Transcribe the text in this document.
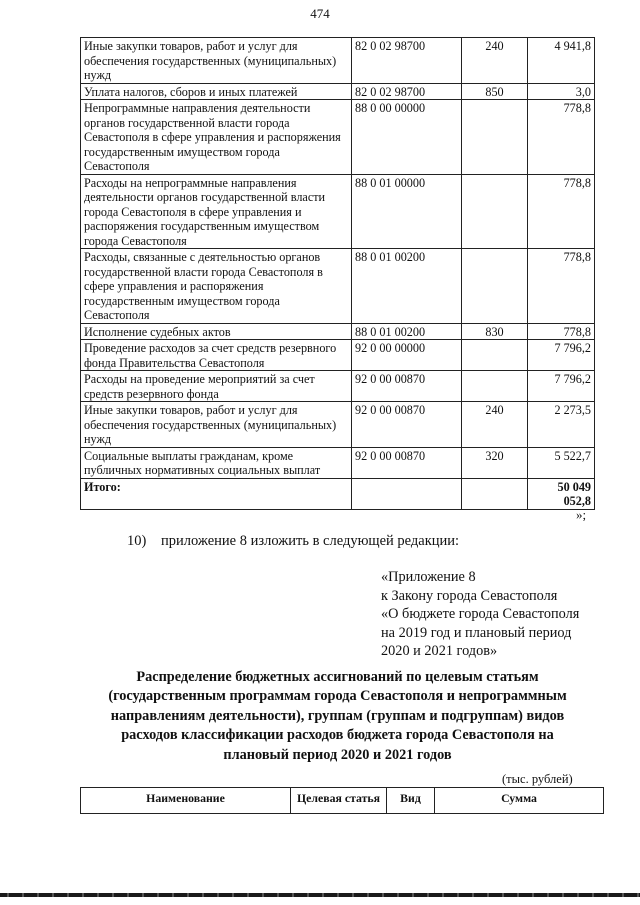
474
Иные закупки товаров, работ и услуг для обеспечения государственных (муниципальных) нужд	82 0 02 98700	240	4 941,8
Уплата налогов, сборов и иных платежей	82 0 02 98700	850	3,0
Непрограммные направления деятельности органов государственной власти города Севастополя в сфере управления и распоряжения государственным имуществом города Севастополя	88 0 00 00000		778,8
Расходы на непрограммные направления деятельности органов государственной власти города Севастополя в сфере управления и распоряжения государственным имуществом города Севастополя	88 0 01 00000		778,8
Расходы, связанные с деятельностью органов государственной власти города Севастополя в сфере управления и распоряжения государственным имуществом города Севастополя	88 0 01 00200		778,8
Исполнение судебных актов	88 0 01 00200	830	778,8
Проведение расходов за счет средств резервного фонда Правительства Севастополя	92 0 00 00000		7 796,2
Расходы на проведение мероприятий за счет средств резервного фонда	92 0 00 00870		7 796,2
Иные закупки товаров, работ и услуг для обеспечения государственных (муниципальных) нужд	92 0 00 00870	240	2 273,5
Социальные выплаты гражданам, кроме публичных нормативных социальных выплат	92 0 00 00870	320	5 522,7
Итого:			50 049 052,8
»;
10) приложение 8 изложить в следующей редакции:
«Приложение 8
к Закону города Севастополя
«О бюджете города Севастополя
на 2019 год и плановый период
2020 и 2021 годов»
Распределение бюджетных ассигнований по целевым статьям
(государственным программам города Севастополя и непрограммным
направлениям деятельности), группам (группам и подгруппам) видов
расходов классификации расходов бюджета города Севастополя на
плановый период 2020 и 2021 годов
(тыс. рублей)
Наименование	Целевая статья	Вид	Сумма
